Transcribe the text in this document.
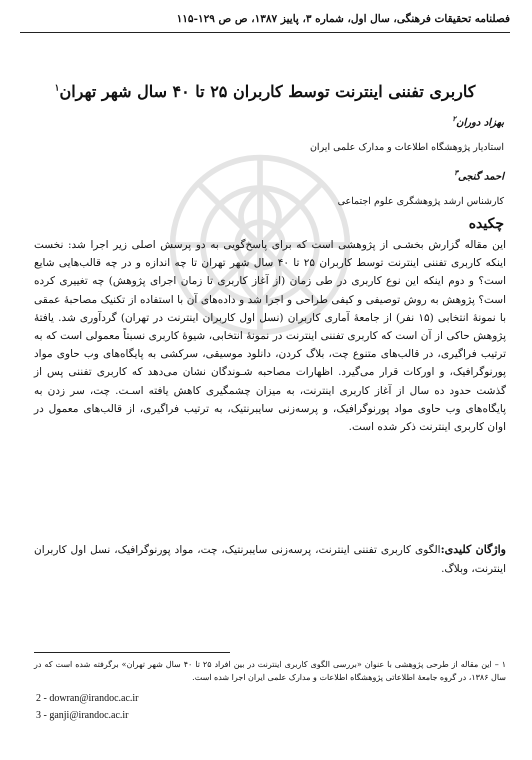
فصلنامه تحقیقات فرهنگی، سال اول، شماره ۳، پاییز ۱۳۸۷، ص ص ۱۲۹-۱۱۵
کاربری تفننی اینترنت توسط کاربران ۲۵ تا ۴۰ سال شهر تهران$^۱$
بهزاد دوران$^۲$
استادیار پژوهشگاه اطلاعات و مدارک علمی ایران
احمد گنجی$^۳$
کارشناس ارشد پژوهشگری علوم اجتماعی
چکیده
این مقاله گزارش بخشـی از پژوهشی است که برای پاسخ‌گویی به دو پرسش اصلی زیر اجرا شد: نخست اینکه کاربری تفننی اینترنت توسط کاربران ۲۵ تا ۴۰ سال شهر تهران تا چه اندازه و در چه قالب‌هایی شایع است؟ و دوم اینکه این نوع کاربری در طی زمان (از آغاز کاربری تا زمان اجرای پژوهش) چه تغییری کرده است؟ پژوهش به روش توصیفی و کیفی طراحی و اجرا شد و داده‌های آن با استفاده از تکنیک مصاحبهٔ عمقی با نمونهٔ انتخابی (۱۵ نفر) از جامعهٔ آماری کاربران (نسل اول کاربران اینترنت در تهران) گردآوری شد. یافتهٔ پژوهش حاکی از آن است که کاربری تفننی اینترنت در نمونهٔ انتخابی، شیوهٔ کاربری نسبتاً معمولی است که به ترتیب فراگیری، در قالب‌های متنوع چت، بلاگ کردن، دانلود موسیقی، سرکشی به پایگاه‌های وب حاوی مواد پورنوگرافیک، و اورکات قرار می‌گیرد. اظهارات مصاحبه شـوندگان نشان می‌دهد که کاربری تفننی پس از گذشت حدود ده سال از آغاز کاربری اینترنت، به میزان چشمگیری کاهش یافته اسـت. چت، سر زدن به پایگاه‌های وب حاوی مواد پورنوگرافیک، و پرسه‌زنی سایبرنتیک، به ترتیب فراگیری، از قالب‌های معمول در اوان کاربری اینترنت ذکر شده است.
واژگان کلیدی:الگوی کاربری تفننی اینترنت، پرسه‌زنی سایبرنتیک، چت، مواد پورنوگرافیک، نسل اول کاربران اینترنت، وبلاگ.
۱ – این مقاله از طرحی پژوهشی با عنوان «بررسی الگوی کاربری اینترنت در بین افراد ۲۵ تا ۴۰ سال شهر تهران» برگرفته شده است که در سال ۱۳۸۶، در گروه جامعهٔ اطلاعاتی پژوهشگاه اطلاعات و مدارک علمی ایران اجرا شده است.
2 - dowran@irandoc.ac.ir
3 - ganji@irandoc.ac.ir
